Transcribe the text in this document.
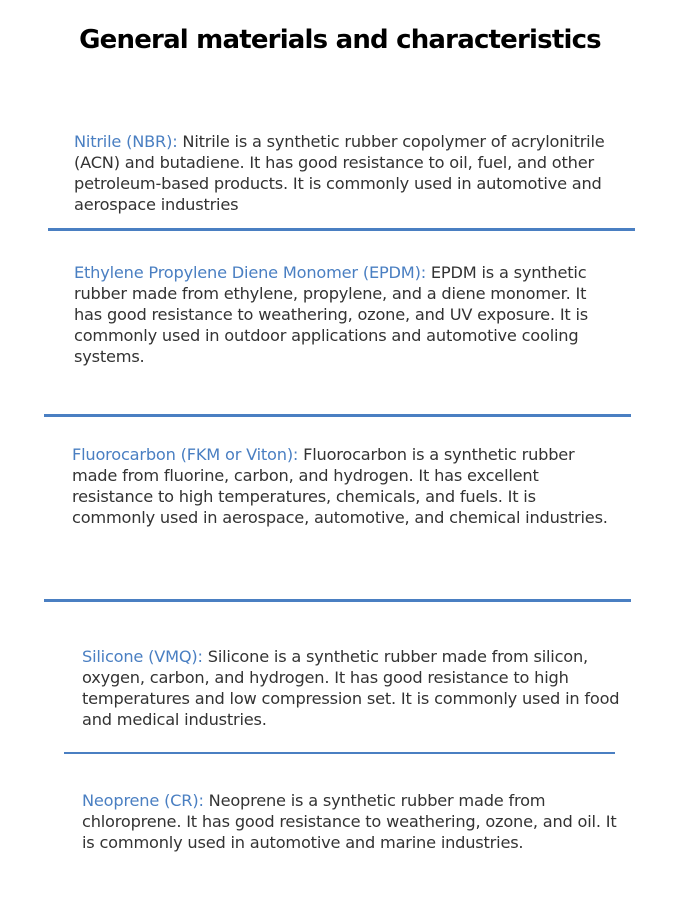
General materials and characteristics

Nitrile (NBR): Nitrile is a synthetic rubber copolymer of acrylonitrile (ACN) and butadiene. It has good resistance to oil, fuel, and other petroleum-based products. It is commonly used in automotive and aerospace industries

Ethylene Propylene Diene Monomer (EPDM): EPDM is a synthetic rubber made from ethylene, propylene, and a diene monomer. It has good resistance to weathering, ozone, and UV exposure. It is commonly used in outdoor applications and automotive cooling systems.

Fluorocarbon (FKM or Viton): Fluorocarbon is a synthetic rubber made from fluorine, carbon, and hydrogen. It has excellent resistance to high temperatures, chemicals, and fuels. It is commonly used in aerospace, automotive, and chemical industries.

Silicone (VMQ): Silicone is a synthetic rubber made from silicon, oxygen, carbon, and hydrogen. It has good resistance to high temperatures and low compression set. It is commonly used in food and medical industries.

Neoprene (CR): Neoprene is a synthetic rubber made from chloroprene. It has good resistance to weathering, ozone, and oil. It is commonly used in automotive and marine industries.
